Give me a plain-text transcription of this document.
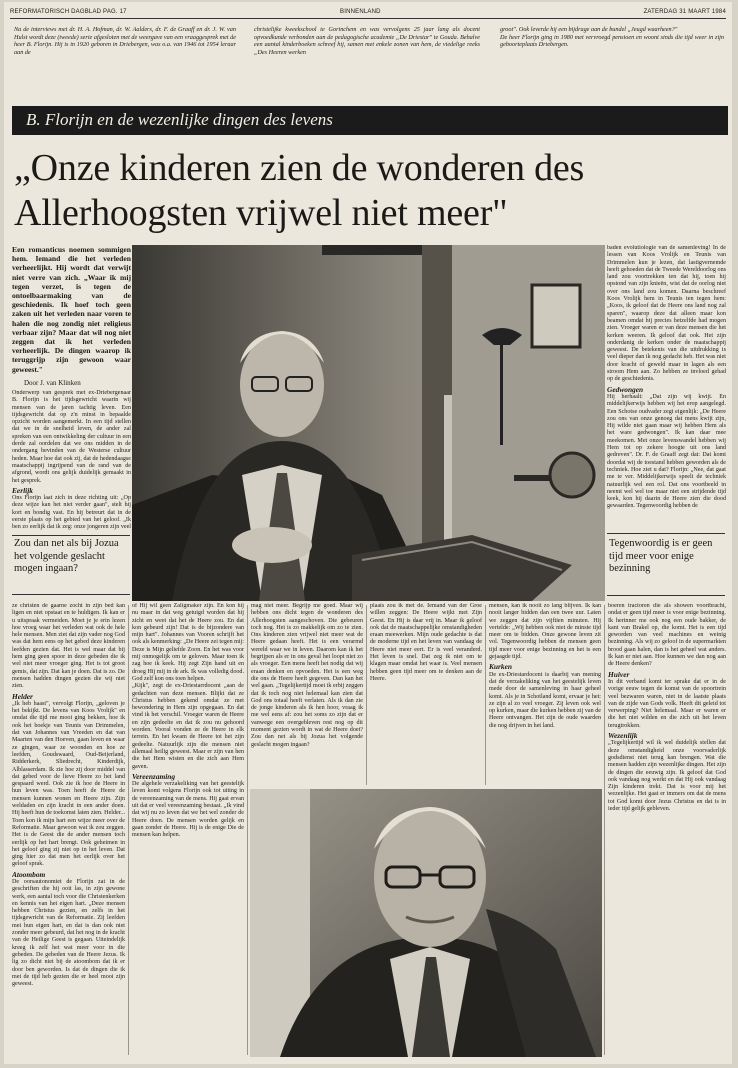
REFORMATORISCH DAGBLAD PAG. 17	BINNENLAND	ZATERDAG 31 MAART 1984
Na de interviews met dr. H. A. Hofman, dr. W. Aalders, dr. F. de Graaff en dr. J. W. van Hulst wordt deze (tweede) serie afgesloten met de weergave van een vraaggesprek met de heer B. Florijn. Hij is in 1920 geboren in Driebergen, was o.a. van 1946 tot 1954 leraar aan de
christelijke kweekschool te Gorinchem en was vervolgens 25 jaar lang als docent opvoedkunde verbonden aan de pedagogische academie „De Driestar" te Gouda. Behalve een aantal kinderboeken schreef hij, samen met enkele zonen van hem, de viedelige reeks „Des Heeren werken
groot". Ook leverde hij een bijdrage aan de bundel „Jeugd waarheen?"
De heer Florijn ging in 1980 met vervroegd pensioen en woont sinds die tijd weer in zijn geboorteplaats Driebergen.
B. Florijn en de wezenlijke dingen des levens
„Onze kinderen zien de wonderen des
Allerhoogsten vrijwel niet meer"
Een romanticus noemen sommigen hem. Iemand die het verleden verheerlijkt. Hij wordt dat verwijt niet verre van zich. „Waar ik mij tegen verzet, is tegen de ontoelbaarmaking van de geschiedenis. Ik hoef toch geen zaken uit het verleden naar voren te halen die nog zondig niet religieus verbaar zijn? Maar dat wil nog niet zeggen dat ik het verleden verheerlijk. De dingen waarop ik teruggrijp zijn gewoon waar geweest."
Door J. van Klinken
Onderwerp van gesprek met ex-Driebergenaar B. Florijn is het tijdsgewricht waarin wij mensen van de jaren tachtig leven. Een tijdsgewricht dat op z'n minst in bepaalde opzicht worden aangemerkt. In een tijd stellen dat we in de snelheid leven, de ander zal spreken van een ontwikkeling der cultuur in een derde zal oordelen dat we ons midden in de ondergang bevinden van de Westerse cultuur heden. Maar hoe dat ook zij, dat de hedendaagse maatschappij ingrijpend van de rand van de afgrond, wordt ons gelijk duidelijk gemaakt in het gesprek.
Eerlijk
Ons Florijn laat zich in deze richting uit: „Op deze wijze kan het niet verder gaan", stelt hij kort en bondig vast. En hij betreurt dat in de eerste plaats op het gebied van het geloof. „Ik ben zo eerlijk dat ik zeg: onze jongeren zijn veel
Zou dan net als bij Jozua het volgende geslacht mogen ingaan?
baden evolutiologie van de samenleving! In de lessen van Koos Vrolijk en Teunis van Drimmelen kun je lezen, dat lastigvernemde heeft gehoeden dat de Tweede Wereldoorlog ons land zou voortrekken ten dat hij, toen hij opstond van zijn knieën, wist dat de oorlog niet over ons land zou komen. Daarna beschreef Koos Vrolijk hem in Teunis ten tegen hem: „Koos, ik geloof dat de Heere ons land nog zal sparen", waarop deze dat alleen maar kon beamen omdat hij precies hetzelfde had mogen zien. Vroeger waren er van deze mensen die het kerken weeren. Ik geloof dat ook. Het zijn onderdanig de kerken onder de maatschappij geweest. De betekenis van die uitdrukking is veel dieper dan ik nog gedacht heb. Het was niet door kracht of geweld maar in lagen als een stroom Hem aan. Zo hebben ze invloed gehad op de geschiedenis.
Gedwongen
Hij herhaalt: „Dat zijn wij kwijt. En middelijkerwijs hebben wij het erop aangelegd. Een Schotse oudvader zegt eigenlijk: „De Heere zou ons van onze genoeg dat mens kwijt zijn, Hij wilde niet gaan maar wij hebben Hem als het ware gedwongen". Ik kan daar mee meekomen. Met onze levenswandel hebben wij Hem tot op zekere hoogte uit ons land gedreven". Dr. F. de Graaff zegt dat: Dat komt doordat wij de toestand hebben geworden als de techniek. Hoe ziet u dat? Florijn: „Nee, dat gaat me te ver. Middelijkerwijs speelt de techniek natuurlijk wel een rol. Dat ons voortbeeld in neemt wel wel toe maar niet een strijdende tijd keek, kon hij daarin de Heere zien die dood gewaarden. Tegenwoordig hebben de
Tegenwoordig is er geen tijd meer voor enige bezinning
ze christen de gaarne zocht in zijn bed kan ligen en niet opstaat en te huldigen. Ik kan er u uitspraak vermeiden. Moet je je erin lezen hoe vroeg waar het verleden wat ook de hele hele mensen. Men ziet dat zijn vader nog God was dat hem eens op het gebed deze kinderen leefden gezien dat. Het is wel maar dat bij hem ging geen spoor in deze gebeden die ik wel niet meer vroeger ging. Het is tot groot gemis, dat zijn. Dat kan je doen. Dat is zo. De mensen hadden dingen gezien die wij niet zien.
Helder
„Ik heb haast", vervolgt Florijn, „geloven je het bekijkt. De levens van Koos Vrolijk" en omdat die tijd me mooi ging bekken, hoe ik ook het boekje van Teunis van Drimmelen, dat van Johannes van Vreeden en dat van Maarten van den Hoeven, gaan leven en waar ze gingen, waar ze woonden en hoe ze leefden, Goudswaard, Oud-Beijerland, Ridderkerk, Sliedrecht, Kinderdijk, Alblasserdam. Ik zie hoe zij door middel van dat gebed voor de lieve Heere zo het land gespaard werd. Ook zie ik hoe de Heere in hun leven was. Toen heeft de Heere de mensen kunnen wonen en Heere zijn. Zijn weldaden en zijn kracht in een ander doen. Hij heeft hun de toekomst laten zien. Helder... Toen kon ik mijn hart een wijze meer over de Reformatie. Maar gewoon wat ik zou zeggen. Het is de Geest die de ander mensen toch eerlijk op het hart brengt. Ook geheimen in het geloof ging zij niet op in het leven. Dat ging hier zo dat men het eerlijk over het geloof sprak.
Atoombom
De oorsautonomiet de Florijn zat in de geschriften die hij ooit las, in zijn gewone werk, een aantal toch voor die Christenkerken en kennis van het eigen hart. „Deze mensen hebben Christus gezien, en zelfs in het tijdsgewricht van de Reformatie. Zij leefden met hun eigen hart, en dat is dan ook niet zonder meer gebeurd, dat het nog in de kracht van de Heilige Geest is gegaan. Uiteindelijk kreeg ik zelf het wat meer voor in die gebeden. De gebeden van de Heere Jezus. Ik lig zo dicht niet bij de atoombom dat ik er door ben geworden. Is dat de dingen die ik met de tijd heb gezien die er heel mooi zijn geweest.
of Hij wil geen Zaligmaker zijn. En kon hij nu maar in dat weg getuigd worden dat hij zicht en weet dat het de Heere zou. En dat kon gebeurd zijn! Dat is de bijzondere van mijn hart". Johannes van Vooren schrijft het ook als kenmerking: „De Heere zei tegen mij: Deze is Mijn geliefde Zoon. En het was voor mij onmogelijk om te geloven. Maar toen ik zag hoe ik keek. Hij zegt Zijn hand uit en droeg Hij mij in de ark. Ik was volledig dood. God zelf kon ons toen helpen.
„Kijk", zegt de ex-Driestarrdocent „aan de gedachten van deze mensen. Blijkt dat ze Christus hebben gekend omdat ze met bewondering in Hem zijn opgegaan. En dat vind ik het verschil. Vroeger waren de Heere en zijn gedeelte en dat ik zou nu gehoord worden. Vooral vonden ze de Heere in elk terrein. En het kwam de Heere tot het zijn gedeelte. Natuurlijk zijn die mensen niet allemaal heilig geweest. Maar er zijn van hen die het Hem wisten en die zich aan Hem gaven.
Vereenzaming
De algehele verzakeliking van het geestelijk leven komt volgens Florijn ook tot uiting in de vereenzaming van de mens. Hij gaat ervan uit dat er veel vereenzaming bestaat. „Ik vind dat wij nu zo leven dat we het wel zonder de Heere doen. De mensen worden gelijk en gaan zonder de Heere. Hij is de enige Die de mensen kan helpen.
mag niet meer. Begrijp me goed. Maar wij hebben ons dicht tegen de wonderen des Allerhoogsten aangeschoven. Die gebeuren toch nog. Het is zo makkelijk om zo te zien. Ons kinderen zien vrijwel niet meer wat de Heere gedaan heeft. Het is een verarmd wereld waar we in leven. Daarom kan ik het begrijpen als er in ons geval het loopt niet zo als vroeger. Een mens heeft het nodig dat wij eraan denken en opvoeden. Het is een weg die ons de Heere heeft gegeven. Dan kan het wel gaan. „Tegelijkertijd moet ik erbij zeggen dat ik toch nog niet helemaal kan zien dat God ons totaal heeft verlaten. Als ik dan zie de jonge kinderen als ik hen hoor, vraag ik me wel eens af: zou het soms zo zijn dat er vanwege een overgebleven rest nog op dit moment gezien wordt in wat de Heere doet? Zou dan net als bij Jozua het volgende geslacht mogen ingaan?
plaats zou ik met de. Iemand van der Groe willen zeggen: De Heere wijkt met Zijn Geest. En Hij is daar vrij in. Maar ik geloof ook dat de maatschappelijke omstandigheden eraan meewerken. Mijn oude gedachte is dat de moderne tijd en het leven van vandaag de Heere niet meer eert. Er is veel veranderd. Het leven is snel. Dat zeg ik niet om te klagen maar omdat het waar is. Veel mensen hebben geen tijd meer om te denken aan de Heere.
mensen, kan ik nooit zo lang blijven. Ik kan nooit langer bidden dan een twee uur. Laten we zeggen dat zijn vijftien minuten. Hij vertelde: „Wij hebben ook niet de minste tijd meer om te bidden. Onze gewone leven zit vol. Tegenwoordig hebben de mensen geen tijd meer voor enige bezinning en het is een gejaagde tijd.
Kurken
De ex-Driestardocent is daarbij van mening dat de verzakeliking van het geestelijk leven mede door de samenleving in haar geheel komt. Als je in Schotland komt, ervaar je het: ze zijn al zo veel vroeger. Zij leven ook wel op kurken, maar die kurken hebben zij van de Heere ontvangen. Het zijn de oude waarden die nog drijven in het land.
boeren tractoren die als showen voortbracht, ondat er geen tijd meer is voor enige bezinning. Ik herinner me ook nog een oude bakker, de kant van Brakel op, die komt. Het is een tijd geworden van veel machines en weinig bezinning. Als wij zo geloof in de supermarkten brood gaan halen, dan is het geheel wat anders. Ik kan er niet aan. Hoe kunnen we dan nog aan de Heere denken?
Huiver
In dit verband komt ter sprake dat er in de vorige eeuw tegen de komst van de spoortrein veel bezwaren waren, niet in de laatste plaats van de zijde van Gods volk. Heeft dit geleid tot verwerping? Niet helemaal. Maar er waren er die het niet wilden en die zich uit het leven terugtrokken.
Wezenlijk
„Tegelijkertijd wil ik wel duidelijk stellen dat deze omstandigheid onze voorvaderlijk godsdienst niet terug kan brengen. Wat die mensen hadden zijn wezenlijke dingen. Het zijn de dingen die eeuwig zijn. Ik geloof dat God ook vandaag nog werkt en dat Hij ook vandaag Zijn kinderen trekt. Dat is voor mij het wezenlijke. Het gaat er immers om dat de mens tot God komt door Jezus Christus en dat is in ieder tijd gelijk gebleven.
